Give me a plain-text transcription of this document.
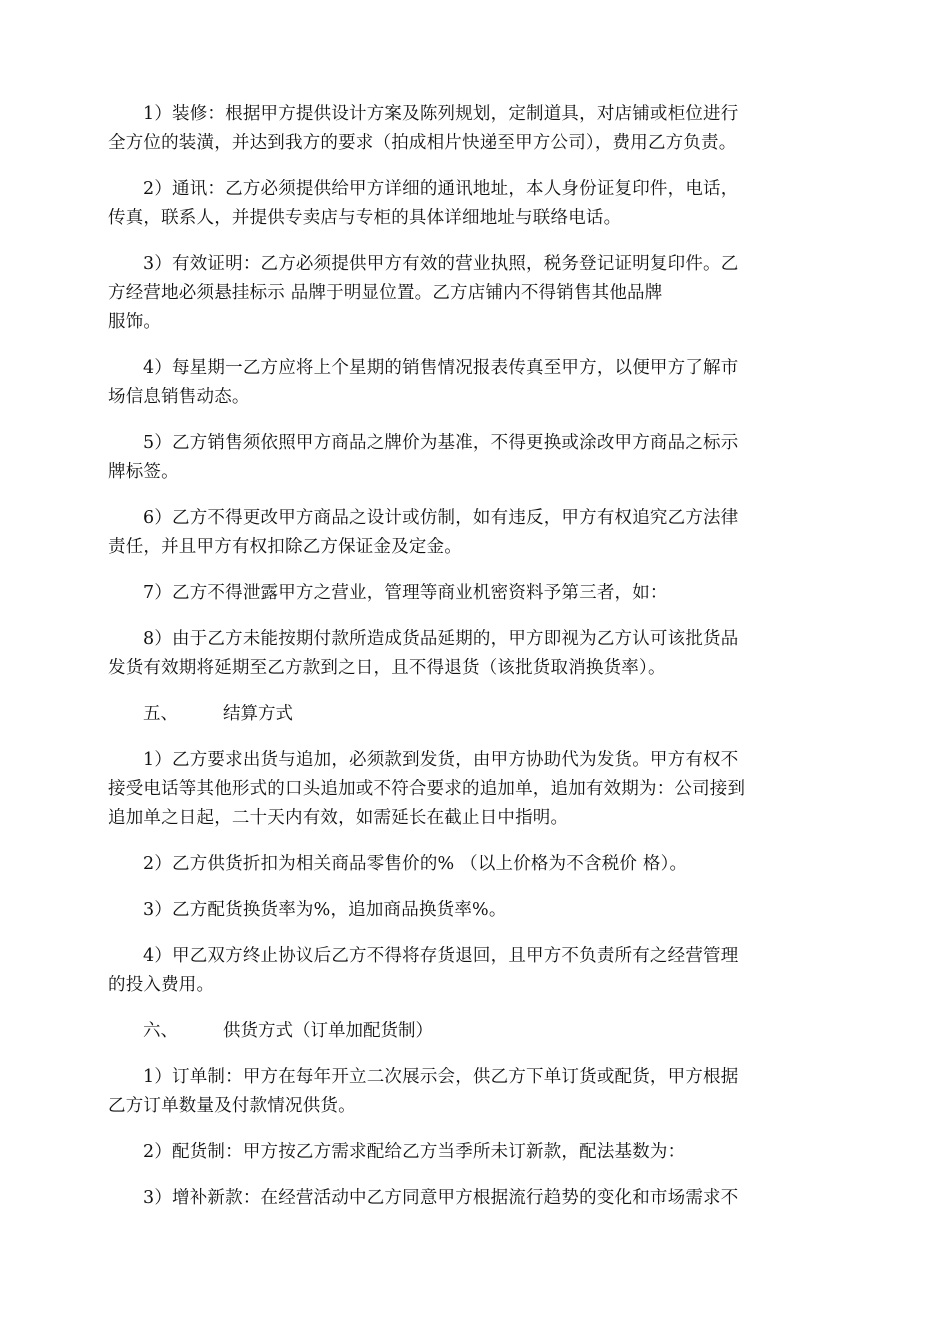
1）装修：根据甲方提供设计方案及陈列规划，定制道具，对店铺或柜位进行
全方位的装潢，并达到我方的要求（拍成相片快递至甲方公司），费用乙方负责。

2）通讯：乙方必须提供给甲方详细的通讯地址，本人身份证复印件，电话，
传真，联系人，并提供专卖店与专柜的具体详细地址与联络电话。

3）有效证明：乙方必须提供甲方有效的营业执照，税务登记证明复印件。乙
方经营地必须悬挂标示 品牌于明显位置。乙方店铺内不得销售其他品牌
服饰。

4）每星期一乙方应将上个星期的销售情况报表传真至甲方，以便甲方了解市
场信息销售动态。

5）乙方销售须依照甲方商品之牌价为基准，不得更换或涂改甲方商品之标示
牌标签。

6）乙方不得更改甲方商品之设计或仿制，如有违反，甲方有权追究乙方法律
责任，并且甲方有权扣除乙方保证金及定金。

7）乙方不得泄露甲方之营业，管理等商业机密资料予第三者，如：

8）由于乙方未能按期付款所造成货品延期的，甲方即视为乙方认可该批货品
发货有效期将延期至乙方款到之日，且不得退货（该批货取消换货率）。

五、	结算方式

1）乙方要求出货与追加，必须款到发货，由甲方协助代为发货。甲方有权不
接受电话等其他形式的口头追加或不符合要求的追加单，追加有效期为：公司接到
追加单之日起，二十天内有效，如需延长在截止日中指明。

2）乙方供货折扣为相关商品零售价的% （以上价格为不含税价 格）。

3）乙方配货换货率为%，追加商品换货率%。

4）甲乙双方终止协议后乙方不得将存货退回，且甲方不负责所有之经营管理
的投入费用。

六、	供货方式（订单加配货制）

1）订单制：甲方在每年开立二次展示会，供乙方下单订货或配货，甲方根据
乙方订单数量及付款情况供货。

2）配货制：甲方按乙方需求配给乙方当季所未订新款，配法基数为：

3）增补新款：在经营活动中乙方同意甲方根据流行趋势的变化和市场需求不
